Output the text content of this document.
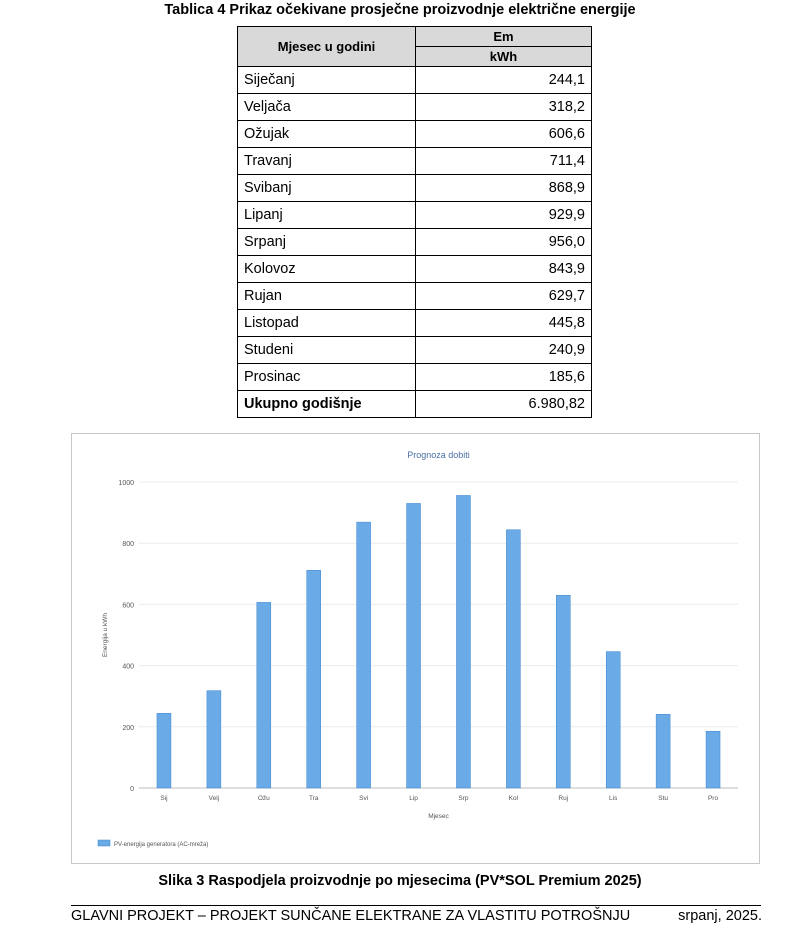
Tablica 4 Prikaz očekivane prosječne proizvodnje električne energije
Mjesec u godini	Em
	kWh
Siječanj	244,1
Veljača	318,2
Ožujak	606,6
Travanj	711,4
Svibanj	868,9
Lipanj	929,9
Srpanj	956,0
Kolovoz	843,9
Rujan	629,7
Listopad	445,8
Studeni	240,9
Prosinac	185,6
Ukupno godišnje	6.980,82
Prognoza dobiti
0
200
400
600
800
1000
Energija u kWh
Sij	Velj	Ožu	Tra	Svi	Lip	Srp	Kol	Ruj	Lis	Stu	Pro
Mjesec
PV-energija generatora (AC-mreža)
Slika 3 Raspodjela proizvodnje po mjesecima (PV*SOL Premium 2025)
GLAVNI PROJEKT – PROJEKT SUNČANE ELEKTRANE ZA VLASTITU POTROŠNJU	srpanj, 2025.
